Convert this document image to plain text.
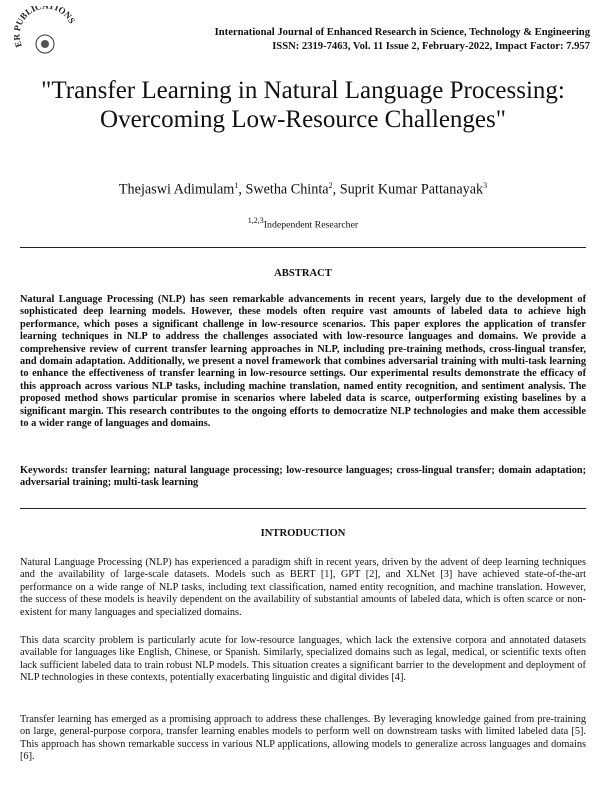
UBLIC TION
International Journal of Enhanced Research in Science, Technology & Engineering
ISSN: 2319-7463, Vol. 11 Issue 2, February-2022, Impact Factor: 7.957
"Transfer Learning in Natural Language Processing: Overcoming Low-Resource Challenges"
Thejaswi Adimulam$^1$, Swetha Chinta$^2$, Suprit Kumar Pattanayak$^3$
$^{1,2,3}$Independent Researcher
ABSTRACT

Natural Language Processing (NLP) has seen remarkable advancements in recent years, largely due to the development of sophisticated deep learning models. However, these models often require vast amounts of labeled data to achieve high performance, which poses a significant challenge in low-resource scenarios. This paper explores the application of transfer learning techniques in NLP to address the challenges associated with low-resource languages and domains. We provide a comprehensive review of current transfer learning approaches in NLP, including pre-training methods, cross-lingual transfer, and domain adaptation. Additionally, we present a novel framework that combines adversarial training with multi-task learning to enhance the effectiveness of transfer learning in low-resource settings. Our experimental results demonstrate the efficacy of this approach across various NLP tasks, including machine translation, named entity recognition, and sentiment analysis. The proposed method shows particular promise in scenarios where labeled data is scarce, outperforming existing baselines by a significant margin. This research contributes to the ongoing efforts to democratize NLP technologies and make them accessible to a wider range of languages and domains.

Keywords: transfer learning; natural language processing; low-resource languages; cross-lingual transfer; domain adaptation; adversarial training; multi-task learning

INTRODUCTION

Natural Language Processing (NLP) has experienced a paradigm shift in recent years, driven by the advent of deep learning techniques and the availability of large-scale datasets. Models such as BERT [1], GPT [2], and XLNet [3] have achieved state-of-the-art performance on a wide range of NLP tasks, including text classification, named entity recognition, and machine translation. However, the success of these models is heavily dependent on the availability of substantial amounts of labeled data, which is often scarce or non-existent for many languages and specialized domains.

This data scarcity problem is particularly acute for low-resource languages, which lack the extensive corpora and annotated datasets available for languages like English, Chinese, or Spanish. Similarly, specialized domains such as legal, medical, or scientific texts often lack sufficient labeled data to train robust NLP models. This situation creates a significant barrier to the development and deployment of NLP technologies in these contexts, potentially exacerbating linguistic and digital divides [4].

Transfer learning has emerged as a promising approach to address these challenges. By leveraging knowledge gained from pre-training on large, general-purpose corpora, transfer learning enables models to perform well on downstream tasks with limited labeled data [5]. This approach has shown remarkable success in various NLP applications, allowing models to generalize across languages and domains [6].
